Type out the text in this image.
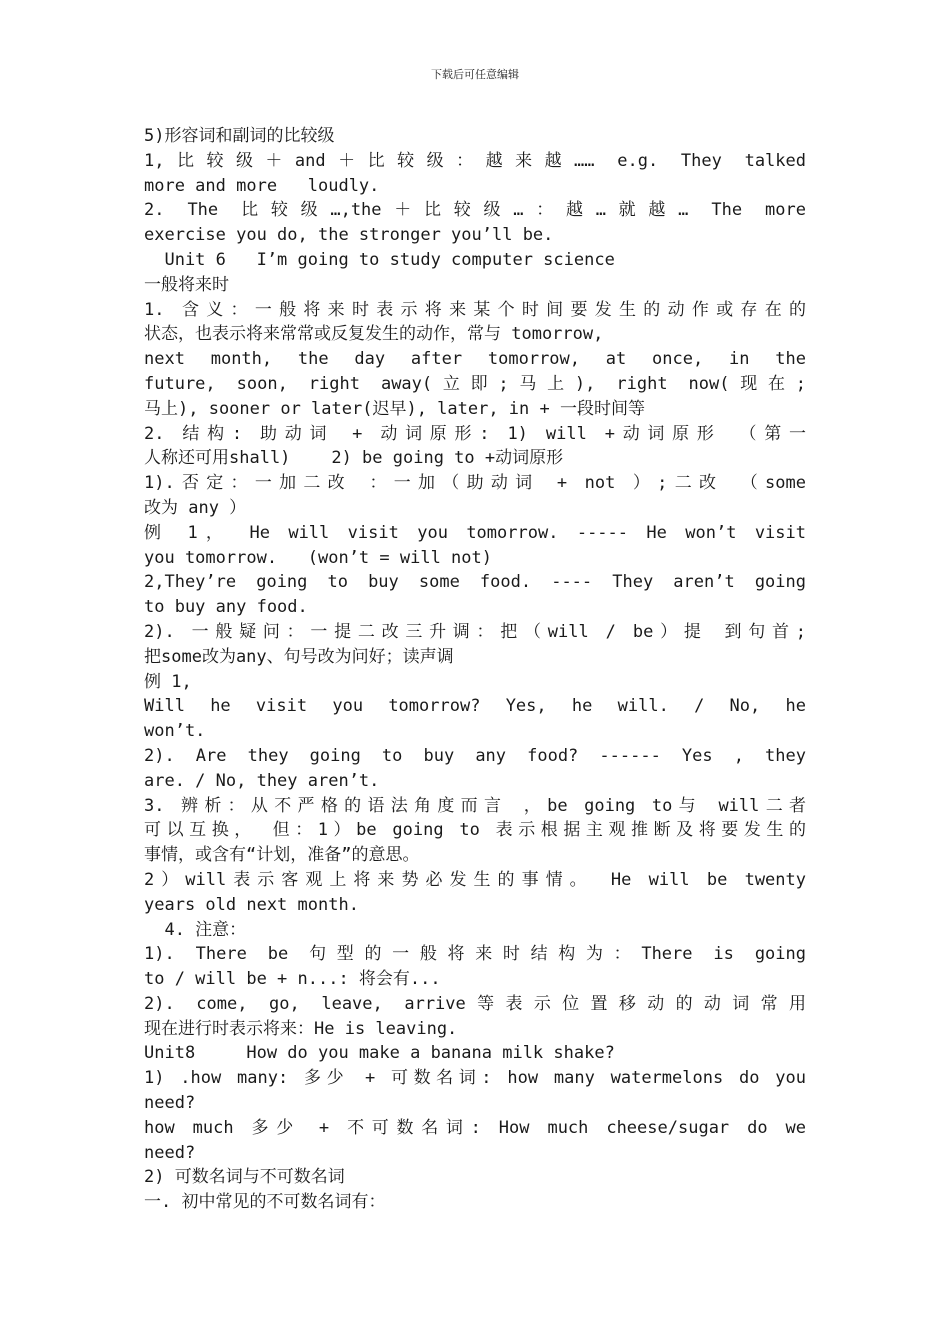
下载后可任意编辑
5)形容词和副词的比较级
1,比较级＋and＋比较级：越来越…… e.g. They talked
more and more   loudly.
2. The 比较级…,the＋比较级…：越…就越… The more
exercise you do, the stronger you’ll be.
Unit 6   I’m going to study computer science
一般将来时
1. 含义：一般将来时表示将来某个时间要发生的动作或存在的
状态，也表示将来常常或反复发生的动作，常与 tomorrow,
next month, the day after tomorrow, at once, in the
future, soon, right away(立即;马上), right now(现在;
马上), sooner or later(迟早), later, in + 一段时间等
2. 结构: 助动词 + 动词原形: 1) will +动词原形 （第一
人称还可用shall)    2) be going to +动词原形
1).否定：一加二改 ：一加（助动词 + not ）;二改 （some
改为 any ）
例 1， He will visit you tomorrow. ----- He won’t visit
you tomorrow.   (won’t = will not)
2,They’re going to buy some food. ---- They aren’t going
to buy any food.
2). 一般疑问：一提二改三升调：把（will / be）提 到句首;
把some改为any、句号改为问好；读声调
例 1,
Will he visit you tomorrow? Yes, he will. / No, he
won’t.
2). Are they going to buy any food? ------ Yes , they
are. / No, they aren’t.
3. 辨析：从不严格的语法角度而言 ，be going to与 will二者
可以互换， 但：1）be going to 表示根据主观推断及将要发生的
事情，或含有“计划，准备”的意思。
2）will表示客观上将来势必发生的事情。 He will be twenty
years old next month.
4. 注意：
1). There be 句型的一般将来时结构为：There is going
to / will be + n...: 将会有...
2). come, go, leave, arrive等表示位置移动的动词常用
现在进行时表示将来：He is leaving.
Unit8     How do you make a banana milk shake?
1) .how many: 多少 + 可数名词: how many watermelons do you
need?
how much 多少 + 不可数名词: How much cheese/sugar do we
need?
2) 可数名词与不可数名词
一. 初中常见的不可数名词有：
